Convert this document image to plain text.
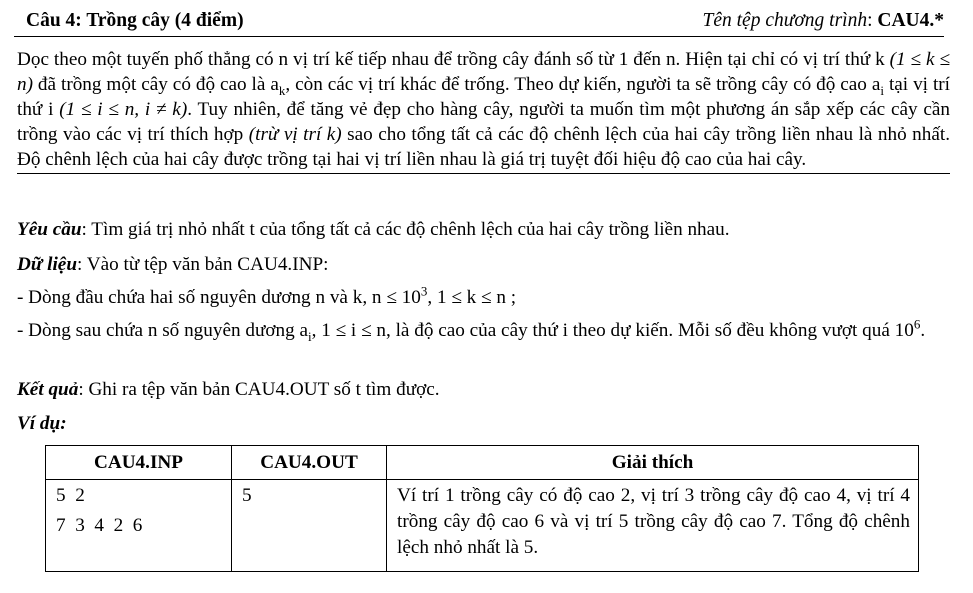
Câu 4: Trồng cây (4 điểm)	Tên tệp chương trình: CAU4.*

Dọc theo một tuyến phố thẳng có n vị trí kế tiếp nhau để trồng cây đánh số từ 1 đến n. Hiện tại chỉ có vị trí thứ k (1 ≤ k ≤ n) đã trồng một cây có độ cao là $a_k$, còn các vị trí khác để trống. Theo dự kiến, người ta sẽ trồng cây có độ cao $a_i$ tại vị trí thứ i (1 ≤ i ≤ n, i ≠ k). Tuy nhiên, để tăng vẻ đẹp cho hàng cây, người ta muốn tìm một phương án sắp xếp các cây cần trồng vào các vị trí thích hợp (trừ vị trí k) sao cho tổng tất cả các độ chênh lệch của hai cây trồng liền nhau là nhỏ nhất. Độ chênh lệch của hai cây được trồng tại hai vị trí liền nhau là giá trị tuyệt đối hiệu độ cao của hai cây.

Yêu cầu: Tìm giá trị nhỏ nhất t của tổng tất cả các độ chênh lệch của hai cây trồng liền nhau.

Dữ liệu: Vào từ tệp văn bản CAU4.INP:

- Dòng đầu chứa hai số nguyên dương n và k, $n \le 10^3$, 1 ≤ k ≤ n ;

- Dòng sau chứa n số nguyên dương $a_i$, 1 ≤ i ≤ n, là độ cao của cây thứ i theo dự kiến. Mỗi số đều không vượt quá $10^6$.

Kết quả: Ghi ra tệp văn bản CAU4.OUT số t tìm được.

Ví dụ:

CAU4.INP	CAU4.OUT	Giải thích

5  2
7  3  4  2  6	5	Ví trí 1 trồng cây có độ cao 2, vị trí 3 trồng cây độ cao 4, vị trí 4 trồng cây độ cao 6 và vị trí 5 trồng cây độ cao 7. Tổng độ chênh lệch nhỏ nhất là 5.
